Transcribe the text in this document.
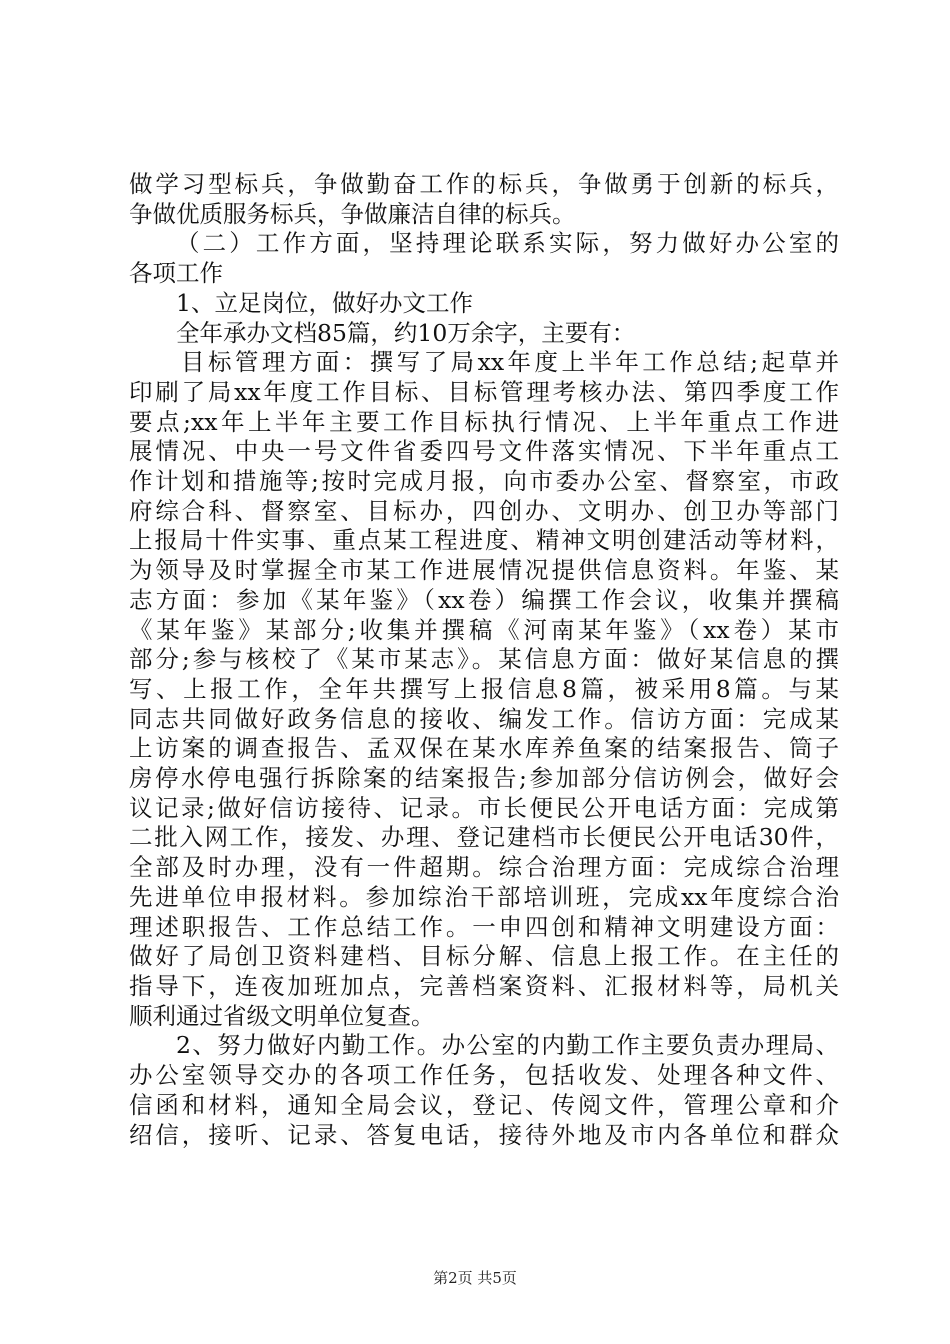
做学习型标兵，争做勤奋工作的标兵，争做勇于创新的标兵，
争做优质服务标兵，争做廉洁自律的标兵。
（二）工作方面，坚持理论联系实际，努力做好办公室的
各项工作
1、立足岗位，做好办文工作
全年承办文档85篇，约10万余字，主要有：
目标管理方面：撰写了局xx年度上半年工作总结;起草并
印刷了局xx年度工作目标、目标管理考核办法、第四季度工作
要点;xx年上半年主要工作目标执行情况、上半年重点工作进
展情况、中央一号文件省委四号文件落实情况、下半年重点工
作计划和措施等;按时完成月报，向市委办公室、督察室，市政
府综合科、督察室、目标办，四创办、文明办、创卫办等部门
上报局十件实事、重点某工程进度、精神文明创建活动等材料，
为领导及时掌握全市某工作进展情况提供信息资料。年鉴、某
志方面：参加《某年鉴》（xx卷）编撰工作会议，收集并撰稿
《某年鉴》某部分;收集并撰稿《河南某年鉴》（xx卷）某市
部分;参与核校了《某市某志》。某信息方面：做好某信息的撰
写、上报工作，全年共撰写上报信息8篇，被采用8篇。与某
同志共同做好政务信息的接收、编发工作。信访方面：完成某
上访案的调查报告、孟双保在某水库养鱼案的结案报告、筒子
房停水停电强行拆除案的结案报告;参加部分信访例会，做好会
议记录;做好信访接待、记录。市长便民公开电话方面：完成第
二批入网工作，接发、办理、登记建档市长便民公开电话30件，
全部及时办理，没有一件超期。综合治理方面：完成综合治理
先进单位申报材料。参加综治干部培训班，完成xx年度综合治
理述职报告、工作总结工作。一申四创和精神文明建设方面：
做好了局创卫资料建档、目标分解、信息上报工作。在主任的
指导下，连夜加班加点，完善档案资料、汇报材料等，局机关
顺利通过省级文明单位复查。
2、努力做好内勤工作。办公室的内勤工作主要负责办理局、
办公室领导交办的各项工作任务，包括收发、处理各种文件、
信函和材料，通知全局会议，登记、传阅文件，管理公章和介
绍信，接听、记录、答复电话，接待外地及市内各单位和群众
第2页 共5页
